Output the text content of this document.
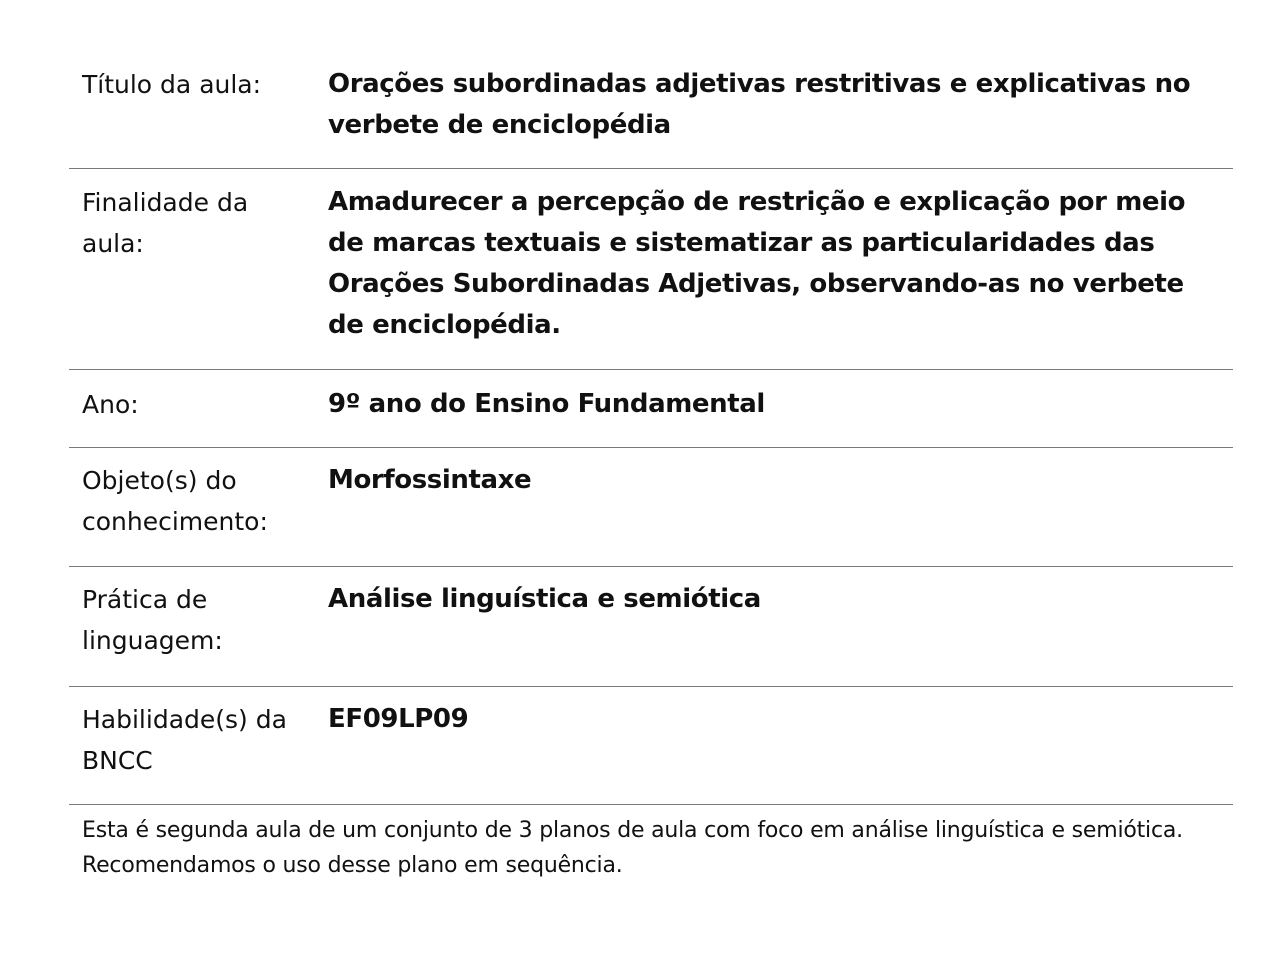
Título da aula:	Orações subordinadas adjetivas restritivas e explicativas no verbete de enciclopédia
Finalidade da aula:
Amadurecer a percepção de restrição e explicação por meio de marcas textuais e sistematizar as particularidades das Orações Subordinadas Adjetivas, observando-as no verbete de enciclopédia.
Ano:	9º ano do Ensino Fundamental
Objeto(s) do conhecimento:
Morfossintaxe
Prática de linguagem:
Análise linguística e semiótica
Habilidade(s) da BNCC
EF09LP09
Esta é segunda aula de um conjunto de 3 planos de aula com foco em análise linguística e semiótica. Recomendamos o uso desse plano em sequência.
